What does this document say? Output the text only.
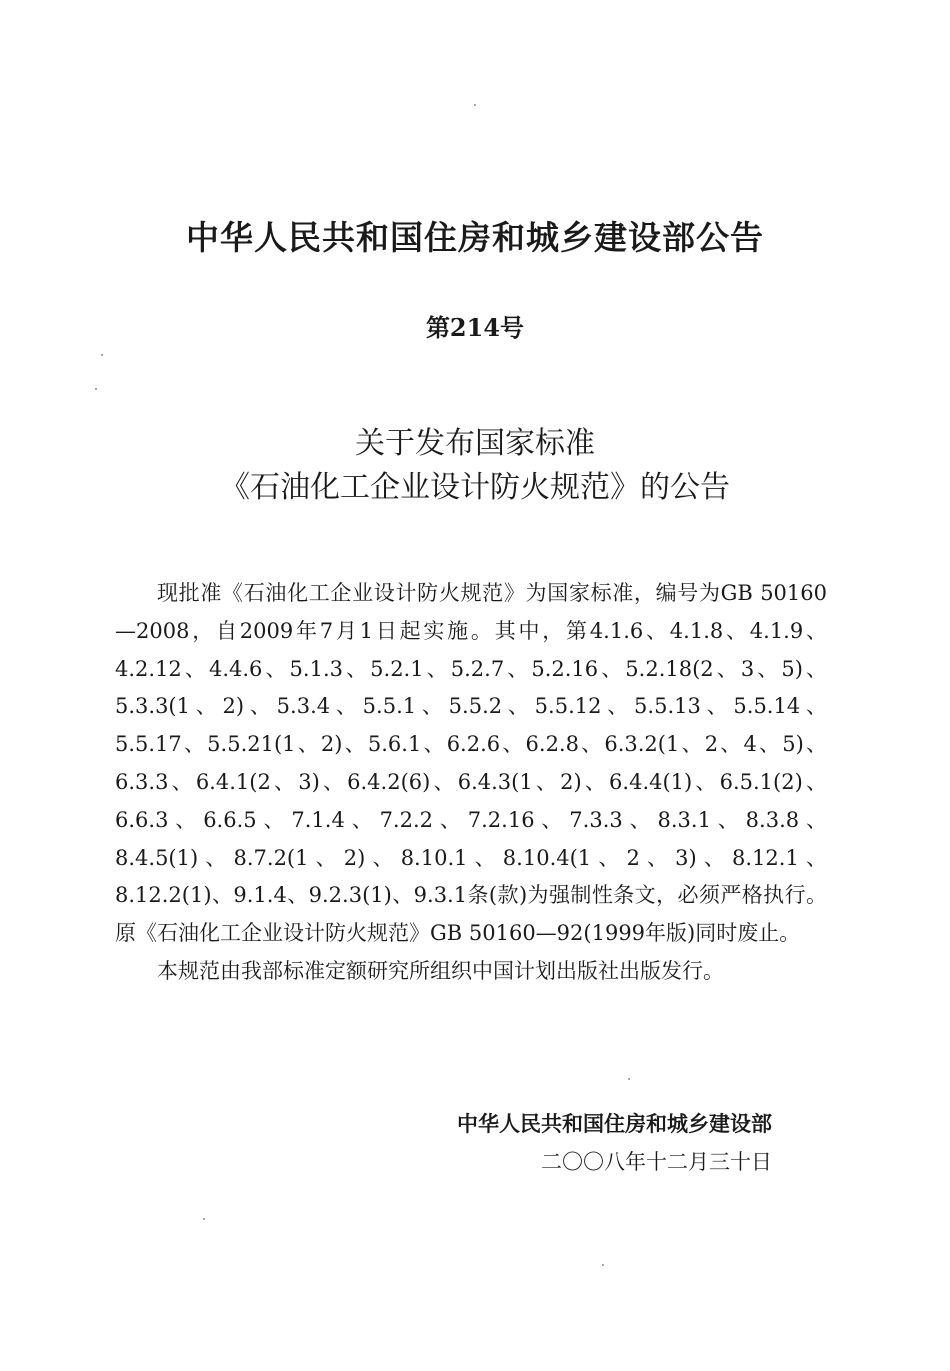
中华人民共和国住房和城乡建设部公告
第214号
关于发布国家标准
《石油化工企业设计防火规范》的公告

现批准《石油化工企业设计防火规范》为国家标准，编号为GB 50160—2008，自2009年7月1日起实施。其中，第4.1.6、4.1.8、4.1.9、4.2.12、4.4.6、5.1.3、5.2.1、5.2.7、5.2.16、5.2.18(2、3、5)、5.3.3(1、2)、5.3.4、5.5.1、5.5.2、5.5.12、5.5.13、5.5.14、5.5.17、5.5.21(1、2)、5.6.1、6.2.6、6.2.8、6.3.2(1、2、4、5)、6.3.3、6.4.1(2、3)、6.4.2(6)、6.4.3(1、2)、6.4.4(1)、6.5.1(2)、6.6.3、6.6.5、7.1.4、7.2.2、7.2.16、7.3.3、8.3.1、8.3.8、8.4.5(1)、8.7.2(1、2)、8.10.1、8.10.4(1、2、3)、8.12.1、8.12.2(1)、9.1.4、9.2.3(1)、9.3.1条(款)为强制性条文，必须严格执行。原《石油化工企业设计防火规范》GB 50160—92(1999年版)同时废止。

本规范由我部标准定额研究所组织中国计划出版社出版发行。

中华人民共和国住房和城乡建设部
二〇〇八年十二月三十日
